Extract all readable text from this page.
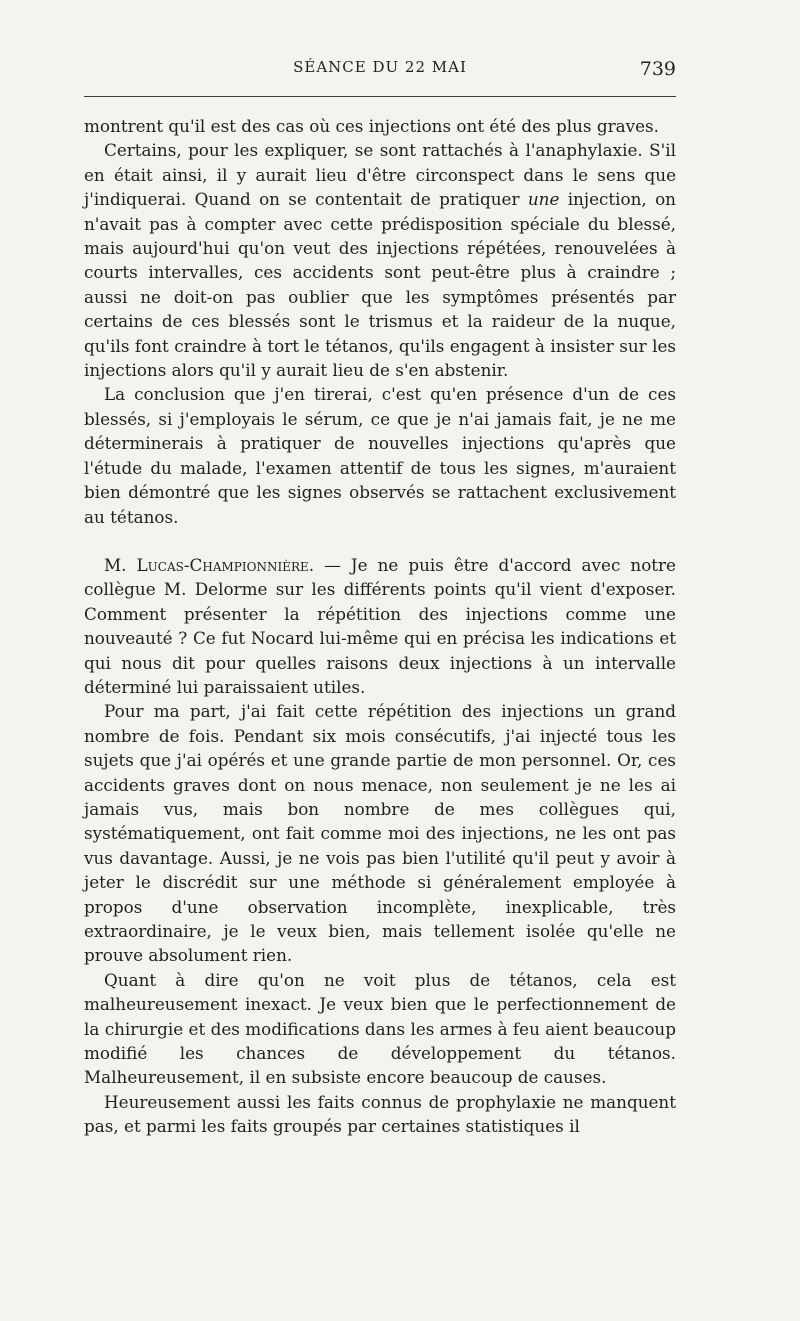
SÉANCE DU 22 MAI	739

montrent qu'il est des cas où ces injections ont été des plus graves.

Certains, pour les expliquer, se sont rattachés à l'anaphylaxie. S'il en était ainsi, il y aurait lieu d'être circonspect dans le sens que j'indiquerai. Quand on se contentait de pratiquer une injection, on n'avait pas à compter avec cette prédisposition spéciale du blessé, mais aujourd'hui qu'on veut des injections répétées, renouvelées à courts intervalles, ces accidents sont peut-être plus à craindre ; aussi ne doit-on pas oublier que les symptômes présentés par certains de ces blessés sont le trismus et la raideur de la nuque, qu'ils font craindre à tort le tétanos, qu'ils engagent à insister sur les injections alors qu'il y aurait lieu de s'en abstenir.

La conclusion que j'en tirerai, c'est qu'en présence d'un de ces blessés, si j'employais le sérum, ce que je n'ai jamais fait, je ne me déterminerais à pratiquer de nouvelles injections qu'après que l'étude du malade, l'examen attentif de tous les signes, m'auraient bien démontré que les signes observés se rattachent exclusivement au tétanos.

M. Lucas-Championnière. — Je ne puis être d'accord avec notre collègue M. Delorme sur les différents points qu'il vient d'exposer. Comment présenter la répétition des injections comme une nouveauté ? Ce fut Nocard lui-même qui en précisa les indications et qui nous dit pour quelles raisons deux injections à un intervalle déterminé lui paraissaient utiles.

Pour ma part, j'ai fait cette répétition des injections un grand nombre de fois. Pendant six mois consécutifs, j'ai injecté tous les sujets que j'ai opérés et une grande partie de mon personnel. Or, ces accidents graves dont on nous menace, non seulement je ne les ai jamais vus, mais bon nombre de mes collègues qui, systématiquement, ont fait comme moi des injections, ne les ont pas vus davantage. Aussi, je ne vois pas bien l'utilité qu'il peut y avoir à jeter le discrédit sur une méthode si généralement employée à propos d'une observation incomplète, inexplicable, très extraordinaire, je le veux bien, mais tellement isolée qu'elle ne prouve absolument rien.

Quant à dire qu'on ne voit plus de tétanos, cela est malheureusement inexact. Je veux bien que le perfectionnement de la chirurgie et des modifications dans les armes à feu aient beaucoup modifié les chances de développement du tétanos. Malheureusement, il en subsiste encore beaucoup de causes.

Heureusement aussi les faits connus de prophylaxie ne manquent pas, et parmi les faits groupés par certaines statistiques il
